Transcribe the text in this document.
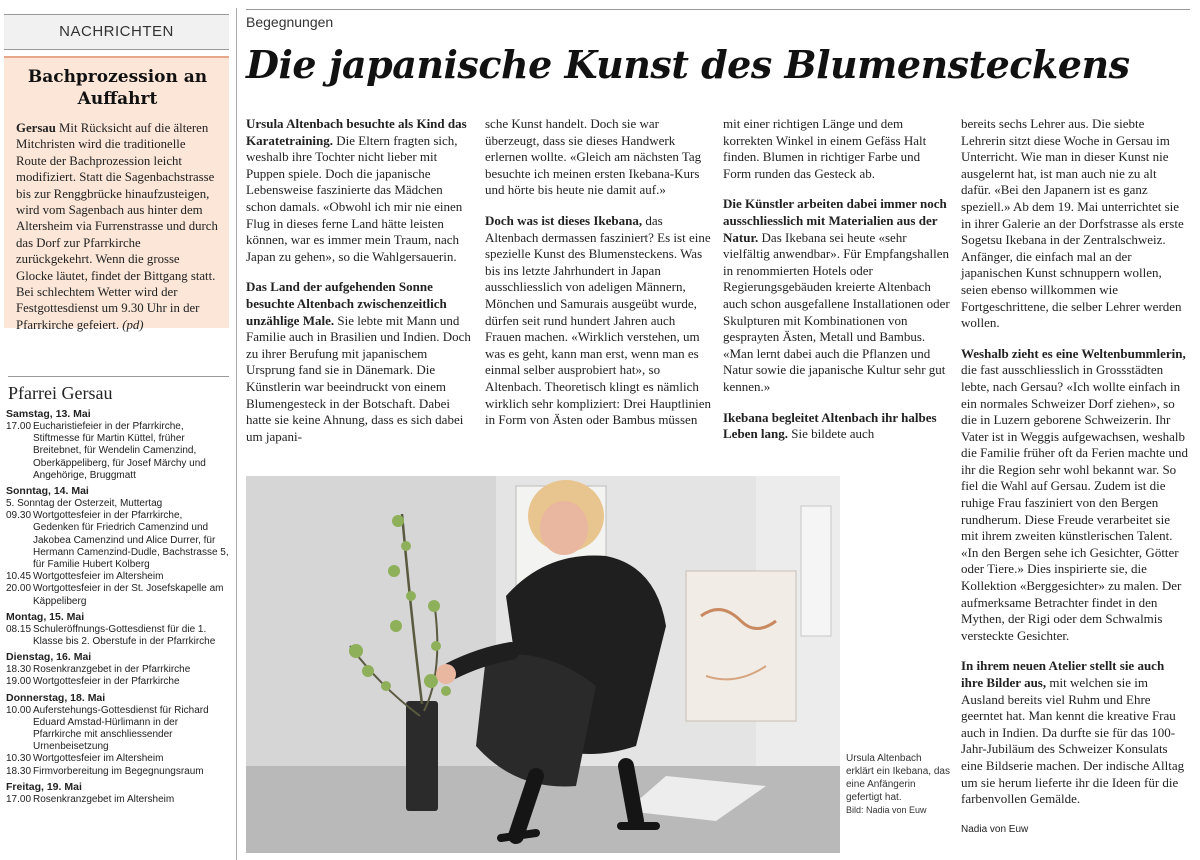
NACHRICHTEN
Bachprozession an Auffahrt
Gersau Mit Rücksicht auf die älteren Mitchristen wird die traditionelle Route der Bachprozession leicht modifiziert. Statt die Sagenbachstrasse bis zur Renggbrücke hinaufzusteigen, wird vom Sagenbach aus hinter dem Altersheim via Furrenstrasse und durch das Dorf zur Pfarrkirche zurückgekehrt. Wenn die grosse Glocke läutet, findet der Bittgang statt. Bei schlechtem Wetter wird der Festgottesdienst um 9.30 Uhr in der Pfarrkirche gefeiert. (pd)
Pfarrei Gersau
Samstag, 13. Mai
17.00 Eucharistiefeier in der Pfarrkirche, Stiftmesse für Martin Küttel, früher Breitebnet, für Wendelin Camenzind, Oberkäppeliberg, für Josef Märchy und Angehörige, Bruggmatt
Sonntag, 14. Mai
5. Sonntag der Osterzeit, Muttertag
09.30 Wortgottesfeier in der Pfarrkirche, Gedenken für Friedrich Camenzind und Jakobea Camenzind und Alice Durrer, für Hermann Camenzind-Dudle, Bachstrasse 5, für Familie Hubert Kolberg
10.45 Wortgottesfeier im Altersheim
20.00 Wortgottesfeier in der St. Josefskapelle am Käppeliberg
Montag, 15. Mai
08.15 Schuleröffnungs-Gottesdienst für die 1. Klasse bis 2. Oberstufe in der Pfarrkirche
Dienstag, 16. Mai
18.30 Rosenkranzgebet in der Pfarrkirche
19.00 Wortgottesfeier in der Pfarrkirche
Donnerstag, 18. Mai
10.00 Auferstehungs-Gottesdienst für Richard Eduard Amstad-Hürlimann in der Pfarrkirche mit anschliessender Urnenbeisetzung
10.30 Wortgottesfeier im Altersheim
18.30 Firmvorbereitung im Begegnungsraum
Freitag, 19. Mai
17.00 Rosenkranzgebet im Altersheim
Begegnungen
Die japanische Kunst des Blumensteckens

Ursula Altenbach besuchte als Kind das Karatetraining. Die Eltern fragten sich, weshalb ihre Tochter nicht lieber mit Puppen spiele. Doch die japanische Lebensweise faszinierte das Mädchen schon damals. «Obwohl ich mir nie einen Flug in dieses ferne Land hätte leisten können, war es immer mein Traum, nach Japan zu gehen», so die Wahlgersauerin.

Das Land der aufgehenden Sonne besuchte Altenbach zwischenzeitlich unzählige Male. Sie lebte mit Mann und Familie auch in Brasilien und Indien. Doch zu ihrer Berufung mit japanischem Ursprung fand sie in Dänemark. Die Künstlerin war beeindruckt von einem Blumengesteck in der Botschaft. Dabei hatte sie keine Ahnung, dass es sich dabei um japani-

sche Kunst handelt. Doch sie war überzeugt, dass sie dieses Handwerk erlernen wollte. «Gleich am nächsten Tag besuchte ich meinen ersten Ikebana-Kurs und hörte bis heute nie damit auf.»

Doch was ist dieses Ikebana, das Altenbach dermassen fasziniert? Es ist eine spezielle Kunst des Blumensteckens. Was bis ins letzte Jahrhundert in Japan ausschliesslich von adeligen Männern, Mönchen und Samurais ausgeübt wurde, dürfen seit rund hundert Jahren auch Frauen machen. «Wirklich verstehen, um was es geht, kann man erst, wenn man es einmal selber ausprobiert hat», so Altenbach. Theoretisch klingt es nämlich wirklich sehr kompliziert: Drei Hauptlinien in Form von Ästen oder Bambus müssen

mit einer richtigen Länge und dem korrekten Winkel in einem Gefäss Halt finden. Blumen in richtiger Farbe und Form runden das Gesteck ab.

Die Künstler arbeiten dabei immer noch ausschliesslich mit Materialien aus der Natur. Das Ikebana sei heute «sehr vielfältig anwendbar». Für Empfangshallen in renommierten Hotels oder Regierungsgebäuden kreierte Altenbach auch schon ausgefallene Installationen oder Skulpturen mit Kombinationen von gesprayten Ästen, Metall und Bambus. «Man lernt dabei auch die Pflanzen und Natur sowie die japanische Kultur sehr gut kennen.»

Ikebana begleitet Altenbach ihr halbes Leben lang. Sie bildete auch

bereits sechs Lehrer aus. Die siebte Lehrerin sitzt diese Woche in Gersau im Unterricht. Wie man in dieser Kunst nie ausgelernt hat, ist man auch nie zu alt dafür. «Bei den Japanern ist es ganz speziell.» Ab dem 19. Mai unterrichtet sie in ihrer Galerie an der Dorfstrasse als erste Sogetsu Ikebana in der Zentralschweiz. Anfänger, die einfach mal an der japanischen Kunst schnuppern wollen, seien ebenso willkommen wie Fortgeschrittene, die selber Lehrer werden wollen.

Weshalb zieht es eine Weltenbummlerin, die fast ausschliesslich in Grossstädten lebte, nach Gersau? «Ich wollte einfach in ein normales Schweizer Dorf ziehen», so die in Luzern geborene Schweizerin. Ihr Vater ist in Weggis aufgewachsen, weshalb die Familie früher oft da Ferien machte und ihr die Region sehr wohl bekannt war. So fiel die Wahl auf Gersau. Zudem ist die ruhige Frau fasziniert von den Bergen rundherum. Diese Freude verarbeitet sie mit ihrem zweiten künstlerischen Talent. «In den Bergen sehe ich Gesichter, Götter oder Tiere.» Dies inspirierte sie, die Kollektion «Berggesichter» zu malen. Der aufmerksame Betrachter findet in den Mythen, der Rigi oder dem Schwalmis versteckte Gesichter.

In ihrem neuen Atelier stellt sie auch ihre Bilder aus, mit welchen sie im Ausland bereits viel Ruhm und Ehre geerntet hat. Man kennt die kreative Frau auch in Indien. Da durfte sie für das 100-Jahr-Jubiläum des Schweizer Konsulats eine Bildserie machen. Der indische Alltag um sie herum lieferte ihr die Ideen für die farbenvollen Gemälde.

Nadia von Euw
Ursula Altenbach erklärt ein Ikebana, das eine Anfängerin gefertigt hat.
Bild: Nadia von Euw
